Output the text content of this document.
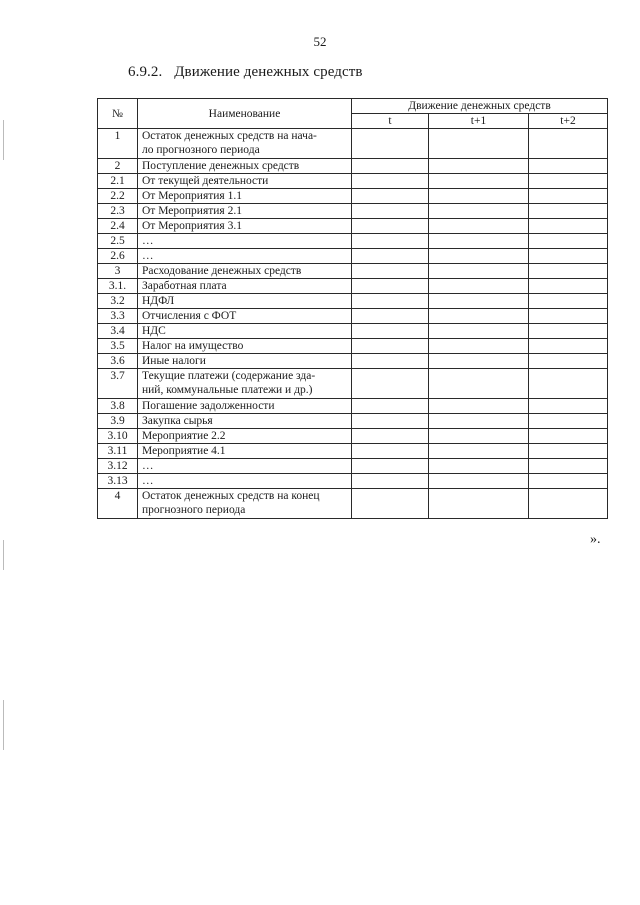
52
6.9.2. Движение денежных средств
№	Наименование	Движение денежных средств		
		t	t+1	t+2
1	Остаток денежных средств на нача-
ло прогнозного периода			
2	Поступление денежных средств			
2.1	От текущей деятельности			
2.2	От Мероприятия 1.1			
2.3	От Мероприятия 2.1			
2.4	От Мероприятия 3.1			
2.5	…			
2.6	…			
3	Расходование денежных средств			
3.1.	Заработная плата			
3.2	НДФЛ			
3.3	Отчисления с ФОТ			
3.4	НДС			
3.5	Налог на имущество			
3.6	Иные налоги			
3.7	Текущие платежи (содержание зда-
ний, коммунальные платежи и др.)			
3.8	Погашение задолженности			
3.9	Закупка сырья			
3.10	Мероприятие 2.2			
3.11	Мероприятие 4.1			
3.12	…			
3.13	…			
4	Остаток денежных средств на конец
прогнозного периода			
».
